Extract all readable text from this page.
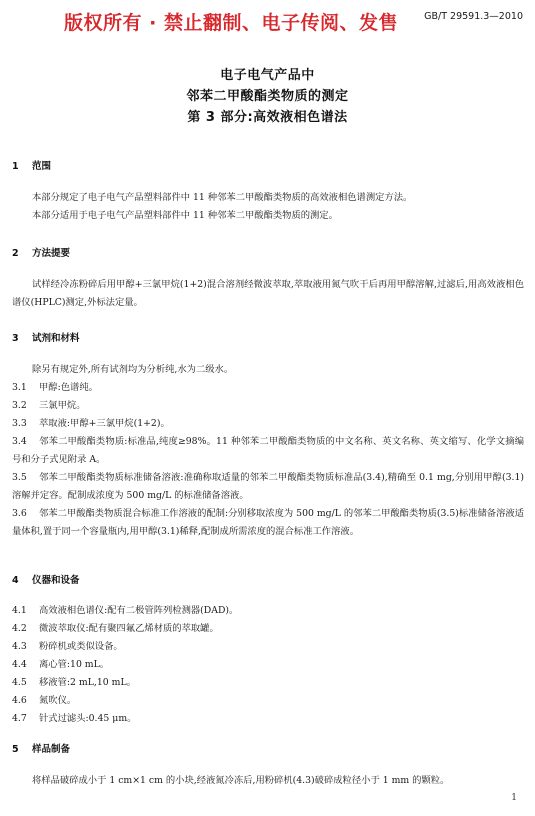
GB/T 29591.3—2010
版权所有 · 禁止翻制、电子传阅、发售
电子电气产品中
邻苯二甲酸酯类物质的测定
第 3 部分:高效液相色谱法
1 范围
本部分规定了电子电气产品塑料部件中 11 种邻苯二甲酸酯类物质的高效液相色谱测定方法。
本部分适用于电子电气产品塑料部件中 11 种邻苯二甲酸酯类物质的测定。
2 方法提要
试样经冷冻粉碎后用甲醇+三氯甲烷(1+2)混合溶剂经微波萃取,萃取液用氮气吹干后再用甲醇溶解,过滤后,用高效液相色谱仪(HPLC)测定,外标法定量。
3 试剂和材料
除另有规定外,所有试剂均为分析纯,水为二级水。
3.1 甲醇:色谱纯。
3.2 三氯甲烷。
3.3 萃取液:甲醇+三氯甲烷(1+2)。
3.4 邻苯二甲酸酯类物质:标准品,纯度≥98%。11 种邻苯二甲酸酯类物质的中文名称、英文名称、英文缩写、化学文摘编号和分子式见附录 A。
3.5 邻苯二甲酸酯类物质标准储备溶液:准确称取适量的邻苯二甲酸酯类物质标准品(3.4),精确至 0.1 mg,分别用甲醇(3.1)溶解并定容。配制成浓度为 500 mg/L 的标准储备溶液。
3.6 邻苯二甲酸酯类物质混合标准工作溶液的配制:分别移取浓度为 500 mg/L 的邻苯二甲酸酯类物质(3.5)标准储备溶液适量体积,置于同一个容量瓶内,用甲醇(3.1)稀释,配制成所需浓度的混合标准工作溶液。
4 仪器和设备
4.1 高效液相色谱仪:配有二极管阵列检测器(DAD)。
4.2 微波萃取仪:配有聚四氟乙烯材质的萃取罐。
4.3 粉碎机或类似设备。
4.4 离心管:10 mL。
4.5 移液管:2 mL,10 mL。
4.6 氮吹仪。
4.7 针式过滤头:0.45 μm。
5 样品制备
将样品破碎成小于 1 cm×1 cm 的小块,经液氮冷冻后,用粉碎机(4.3)破碎成粒径小于 1 mm 的颗粒。
1
